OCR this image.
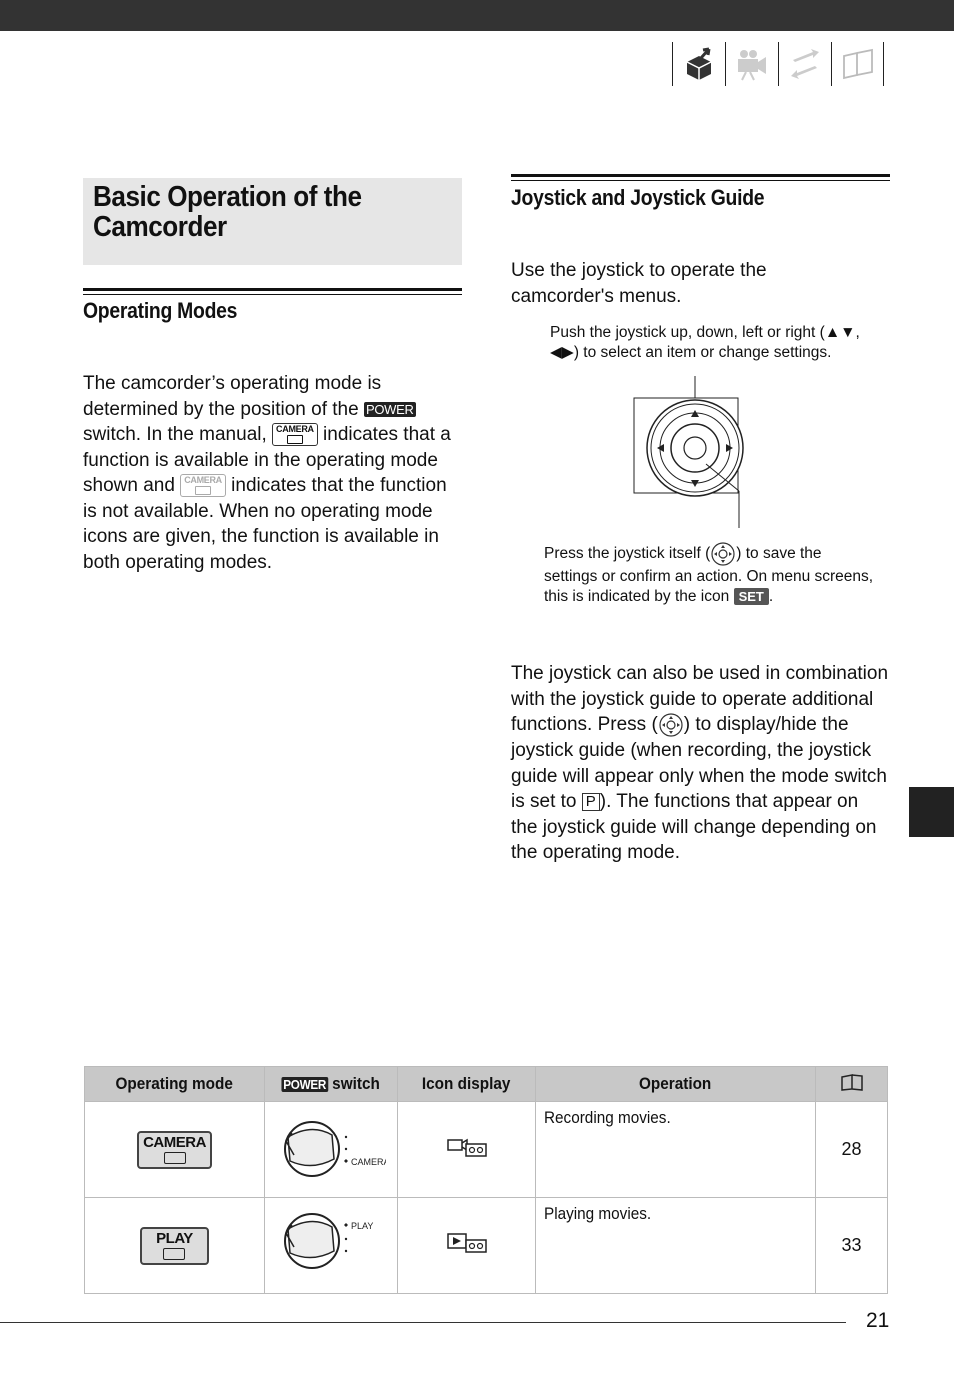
Basic Operation of the
Camcorder
Operating Modes
The camcorder’s operating mode is determined by the position of the POWER switch. In the manual, CAMERA indicates that a function is available in the operating mode shown and CAMERA indicates that the function is not available. When no operating mode icons are given, the function is available in both operating modes.
Joystick and Joystick Guide
Use the joystick to operate the camcorder's menus.
Push the joystick up, down, left or right (▲▼, ◀▶) to select an item or change settings.
Press the joystick itself ( ) to save the settings or confirm an action. On menu screens, this is indicated by the icon SET .
The joystick can also be used in combination with the joystick guide to operate additional functions. Press ( ) to display/hide the joystick guide (when recording, the joystick guide will appear only when the mode switch is set to P ). The functions that appear on the joystick guide will change depending on the operating mode.
Operating mode	POWER switch	Icon display	Operation	
CAMERA	CAMERA		Recording movies.	28
PLAY	PLAY		Playing movies.	33
21
